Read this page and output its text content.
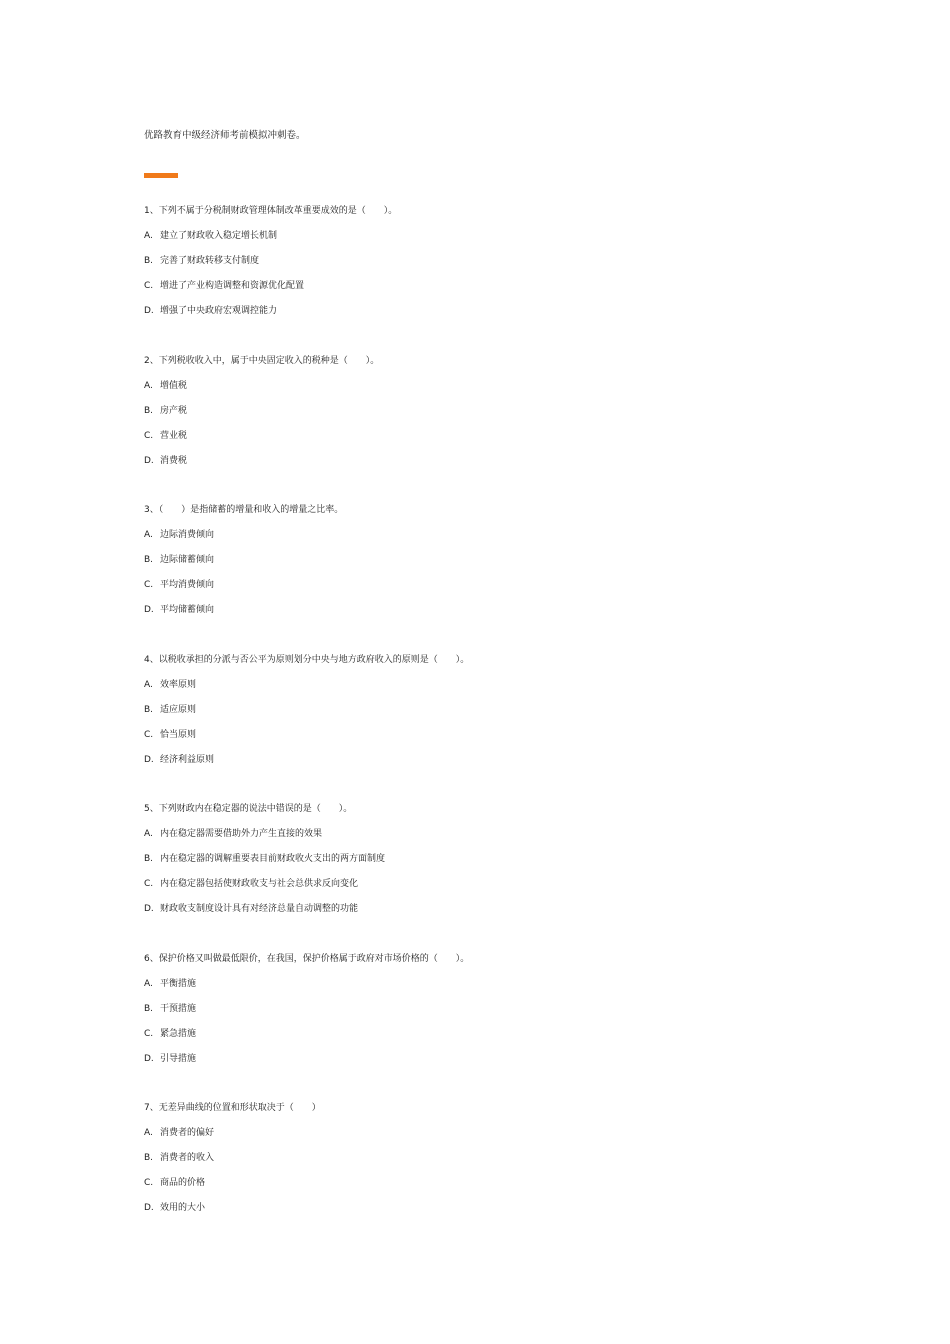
优路教育中级经济师考前模拟冲刺卷。
1、下列不属于分税制财政管理体制改革重要成效的是（　　）。
A. 建立了财政收入稳定增长机制
B. 完善了财政转移支付制度
C. 增进了产业构造调整和资源优化配置
D. 增强了中央政府宏观调控能力
2、下列税收收入中，属于中央固定收入的税种是（　　）。
A. 增值税
B. 房产税
C. 营业税
D. 消费税
3、（　　）是指储蓄的增量和收入的增量之比率。
A. 边际消费倾向
B. 边际储蓄倾向
C. 平均消费倾向
D. 平均储蓄倾向
4、以税收承担的分派与否公平为原则划分中央与地方政府收入的原则是（　　）。
A. 效率原则
B. 适应原则
C. 恰当原则
D. 经济利益原则
5、下列财政内在稳定器的说法中错误的是（　　）。
A. 内在稳定器需要借助外力产生直接的效果
B. 内在稳定器的调解重要表目前财政收火支出的两方面制度
C. 内在稳定器包括使财政收支与社会总供求反向变化
D. 财政收支制度设计具有对经济总量自动调整的功能
6、保护价格又叫做最低限价，在我国，保护价格属于政府对市场价格的（　　）。
A. 平衡措施
B. 干预措施
C. 紧急措施
D. 引导措施
7、无差异曲线的位置和形状取决于（　　）
A. 消费者的偏好
B. 消费者的收入
C. 商品的价格
D. 效用的大小
